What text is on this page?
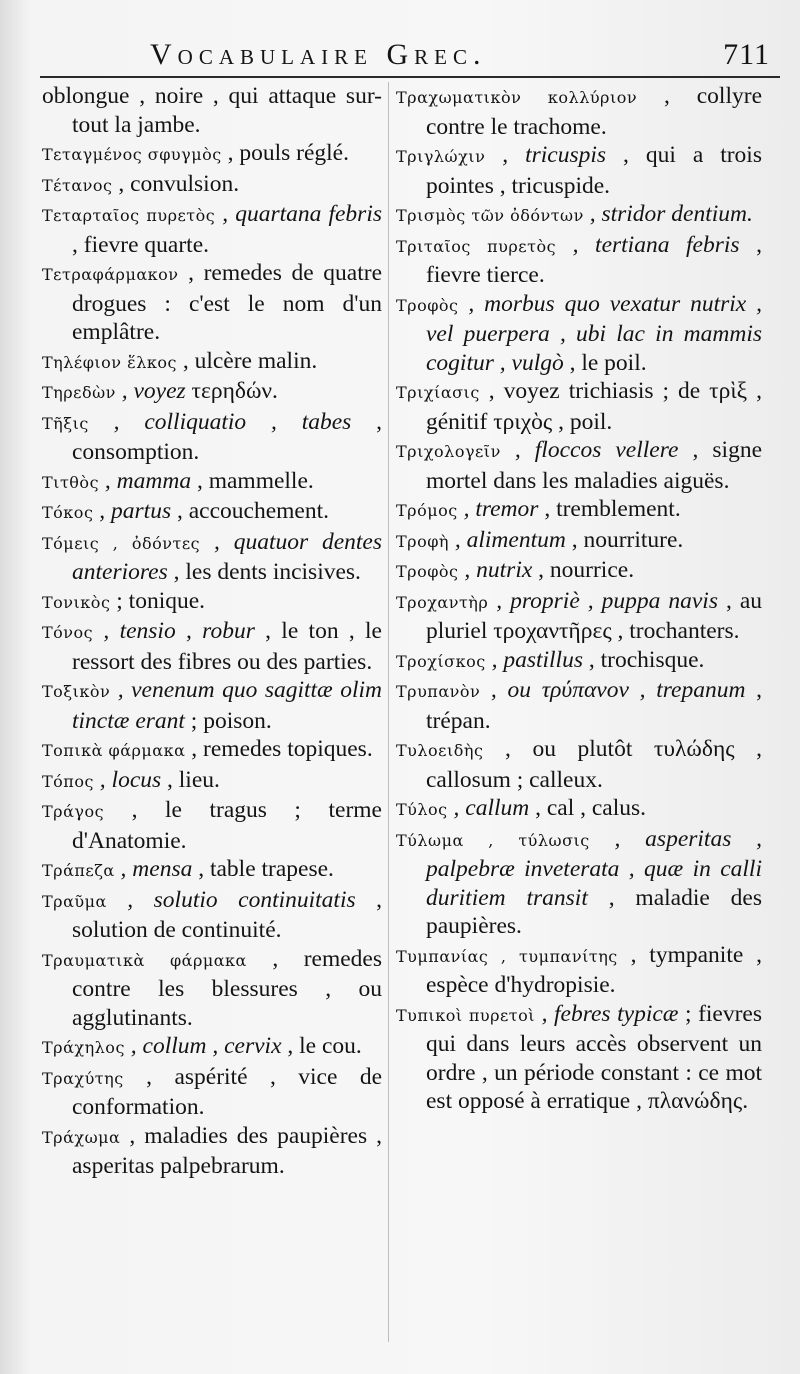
Vocabulaire Grec.	711

oblongue , noire , qui attaque sur-tout la jambe.

Τεταγμένος σφυγμὸς , pouls réglé.

Τέτανος , convulsion.

Τεταρταῖος πυρετὸς , quartana febris , fievre quarte.

Τετραφάρμακον , remedes de quatre drogues : c'est le nom d'un emplâtre.

Τηλέφιον ἕλκος , ulcère malin.

Τηρεδὼν , voyez τερηδών.

Τῆξις , colliquatio , tabes , consomption.

Τιτθὸς , mamma , mammelle.

Τόκος , partus , accouchement.

Τόμεις , ὀδόντες , quatuor dentes anteriores , les dents incisives.

Τονικὸς ; tonique.

Τόνος , tensio , robur , le ton , le ressort des fibres ou des parties.

Τοξικὸν , venenum quo sagittæ olim tinctæ erant ; poison.

Τοπικὰ φάρμακα , remedes topiques.

Τόπος , locus , lieu.

Τράγος , le tragus ; terme d'Anatomie.

Τράπεζα , mensa , table trapese.

Τραῦμα , solutio continuitatis , solution de continuité.

Τραυματικὰ φάρμακα , remedes contre les blessures , ou agglutinants.

Τράχηλος , collum , cervix , le cou.

Τραχύτης , aspérité , vice de conformation.

Τράχωμα , maladies des paupières , asperitas palpebrarum.

Τραχωματικὸν κολλύριον , collyre contre le trachome.

Τριγλώχιν , tricuspis , qui a trois pointes , tricuspide.

Τρισμὸς τῶν ὀδόντων , stridor dentium.

Τριταῖος πυρετὸς , tertiana febris , fievre tierce.

Τροφὸς , morbus quo vexatur nutrix , vel puerpera , ubi lac in mammis cogitur , vulgò , le poil.

Τριχίασις , voyez trichiasis ; de τρὶξ , génitif τριχὸς , poil.

Τριχολογεῖν , floccos vellere , signe mortel dans les maladies aiguës.

Τρόμος , tremor , tremblement.

Τροφὴ , alimentum , nourriture.

Τροφὸς , nutrix , nourrice.

Τροχαντὴρ , propriè , puppa navis , au pluriel τροχαντῆρες , trochanters.

Τροχίσκος , pastillus , trochisque.

Τρυπανὸν , ou τρύπανον , trepanum , trépan.

Τυλοειδὴς , ou plutôt τυλώδης , callosum ; calleux.

Τύλος , callum , cal , calus.

Τύλωμα , τύλωσις , asperitas , palpebræ inveterata , quæ in calli duritiem transit , maladie des paupières.

Τυμπανίας , τυμπανίτης , tympanite , espèce d'hydropisie.

Τυπικοὶ πυρετοὶ , febres typicæ ; fievres qui dans leurs accès observent un ordre , un période constant : ce mot est opposé à erratique , πλανώδης.
